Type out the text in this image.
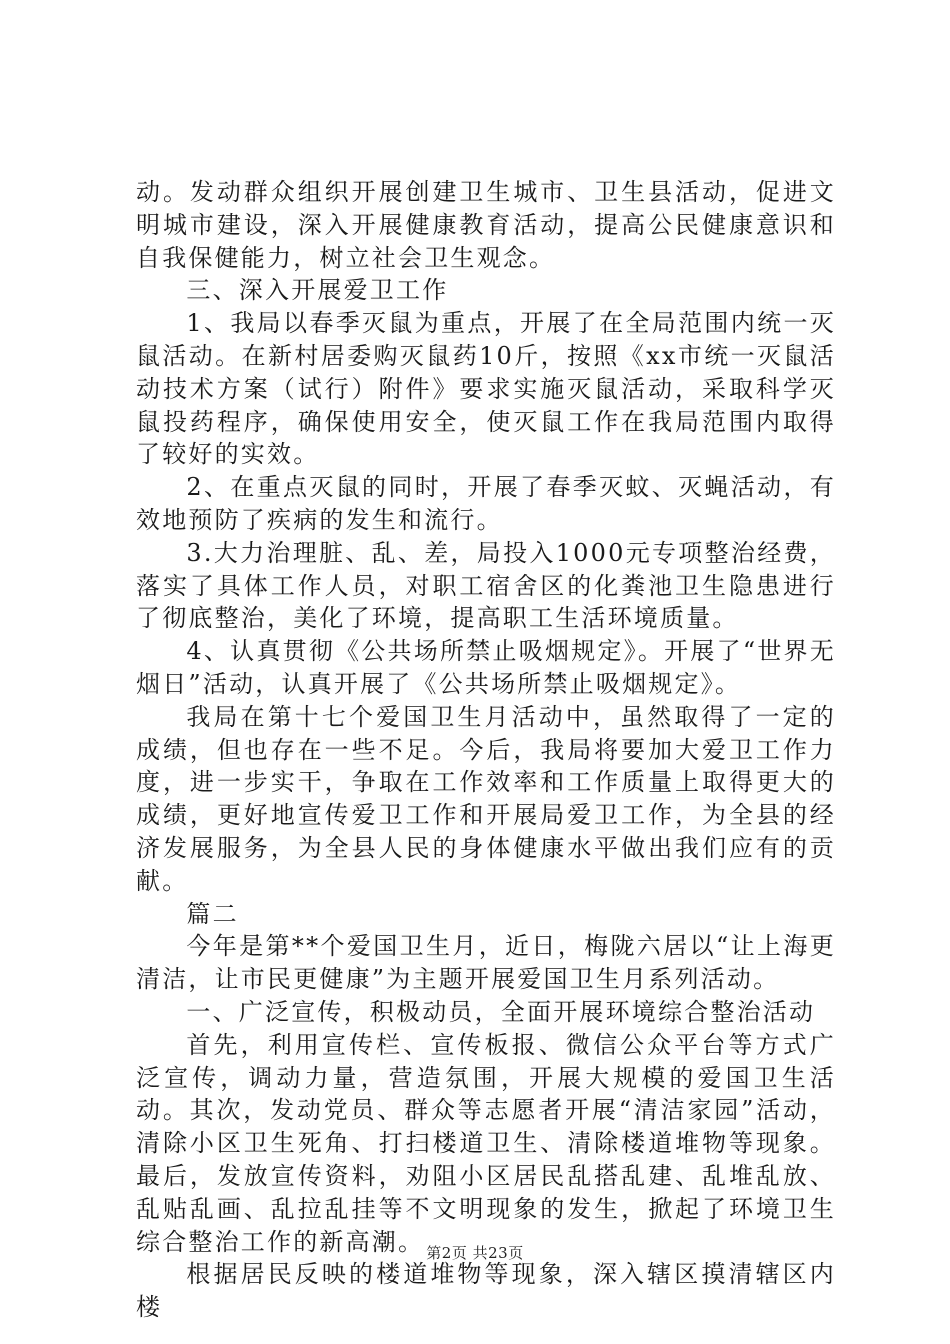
动。发动群众组织开展创建卫生城市、卫生县活动，促进文明城市建设，深入开展健康教育活动，提高公民健康意识和自我保健能力，树立社会卫生观念。

三、深入开展爱卫工作

1、我局以春季灭鼠为重点，开展了在全局范围内统一灭鼠活动。在新村居委购灭鼠药10斤，按照《xx市统一灭鼠活动技术方案（试行）附件》要求实施灭鼠活动，采取科学灭鼠投药程序，确保使用安全，使灭鼠工作在我局范围内取得了较好的实效。

2、在重点灭鼠的同时，开展了春季灭蚊、灭蝇活动，有效地预防了疾病的发生和流行。

3.大力治理脏、乱、差，局投入1000元专项整治经费，落实了具体工作人员，对职工宿舍区的化粪池卫生隐患进行了彻底整治，美化了环境，提高职工生活环境质量。

4、认真贯彻《公共场所禁止吸烟规定》。开展了“世界无烟日”活动，认真开展了《公共场所禁止吸烟规定》。

我局在第十七个爱国卫生月活动中，虽然取得了一定的成绩，但也存在一些不足。今后，我局将要加大爱卫工作力度，进一步实干，争取在工作效率和工作质量上取得更大的成绩，更好地宣传爱卫工作和开展局爱卫工作，为全县的经济发展服务，为全县人民的身体健康水平做出我们应有的贡献。

篇二

今年是第**个爱国卫生月，近日，梅陇六居以“让上海更清洁，让市民更健康”为主题开展爱国卫生月系列活动。

一、广泛宣传，积极动员，全面开展环境综合整治活动

首先，利用宣传栏、宣传板报、微信公众平台等方式广泛宣传，调动力量，营造氛围，开展大规模的爱国卫生活动。其次，发动党员、群众等志愿者开展“清洁家园”活动，清除小区卫生死角、打扫楼道卫生、清除楼道堆物等现象。最后，发放宣传资料，劝阻小区居民乱搭乱建、乱堆乱放、乱贴乱画、乱拉乱挂等不文明现象的发生，掀起了环境卫生综合整治工作的新高潮。

根据居民反映的楼道堆物等现象，深入辖区摸清辖区内楼

第2页 共23页
